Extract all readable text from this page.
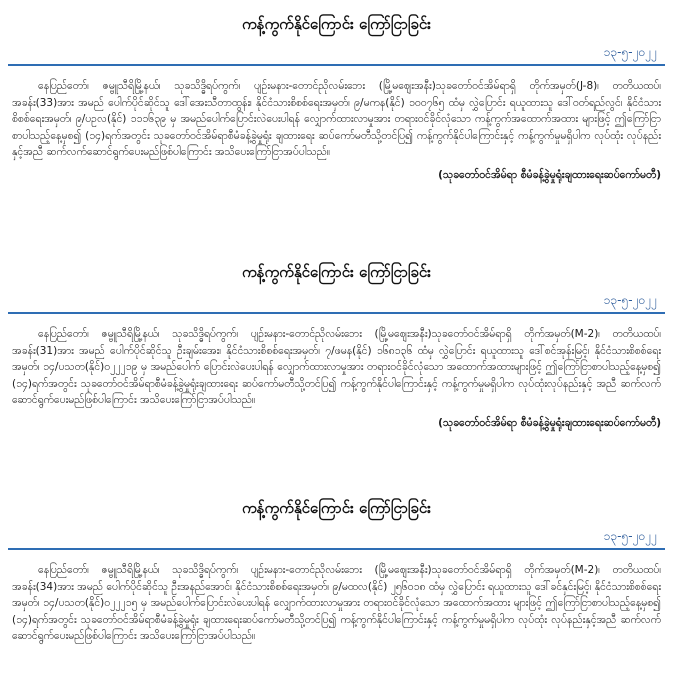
ကန့်ကွက်နိုင်ကြောင်း ကြော်ငြာခြင်း
၁၃-၅-၂၀၂၂

နေပြည်တော်၊ ဇမ္ဗူသီရိမြို့နယ်၊ သုခသိဒ္ဓိရပ်ကွက်၊ ပျဉ်းမနား-တောင်ညိုလမ်းဘေး (မြို့မဈေးအနီး)သုခတော်ဝင်အိမ်ရာရှိ တိုက်အမှတ်(J-8)၊ တတိယထပ်၊ အခန်း(33)အား အမည် ပေါက်ပိုင်ဆိုင်သူ ဒေါ်အေးသီတာထွန်း၊ နိုင်ငံသားစိစစ်ရေးအမှတ်၊ ၉/မကန(နိုင်) ၁၀၀၇၆၅ ထံမှ လွှဲပြောင်း ရယူထားသူ ဒေါ်ဝတ်ရည်လွင်၊ နိုင်ငံသားစိစစ်ရေးအမှတ်၊ ၉/ပဥလ(နိုင်) ၁၁၁၆၃၉ မှ အမည်ပေါက်ပြောင်းလဲပေးပါရန် လျှောက်ထားလာမှုအား တရားဝင်ခိုင်လုံသော ကန့်ကွက်အထောက်အထား များဖြင့် ဤကြော်ငြာစာပါသည့်နေ့မှစ၍ (၁၄)ရက်အတွင်း သုခတော်ဝင်အိမ်ရာစီမံခန့်ခွဲမှုရုံး ချထားရေး ဆပ်ကော်မတီသို့တင်ပြ၍ ကန့်ကွက်နိုင်ပါကြောင်းနှင့် ကန့်ကွက်မှုမရှိပါက လုပ်ထုံး လုပ်နည်းနှင့်အညီ ဆက်လက်ဆောင်ရွက်ပေးမည်ဖြစ်ပါကြောင်း အသိပေးကြော်ငြာအပ်ပါသည်။

(သုခတော်ဝင်အိမ်ရာ စီမံခန့်ခွဲမှုရုံးချထားရေးဆပ်ကော်မတီ)
ကန့်ကွက်နိုင်ကြောင်း ကြော်ငြာခြင်း
၁၃-၅-၂၀၂၂

နေပြည်တော်၊ ဇမ္ဗူသီရိမြို့နယ်၊ သုခသိဒ္ဓိရပ်ကွက်၊ ပျဉ်းမနား-တောင်ညိုလမ်းဘေး (မြို့မဈေးအနီး)သုခတော်ဝင်အိမ်ရာရှိ တိုက်အမှတ်(M-2)၊ တတိယထပ်၊ အခန်း(31)အား အမည် ပေါက်ပိုင်ဆိုင်သူ ဦးချမ်းအေး၊ နိုင်ငံသားစိစစ်ရေးအမှတ်၊ ၇/ဖမန(နိုင်) ၁၆၈၁၃၆ ထံမှ လွှဲပြောင်း ရယူထားသူ ဒေါ်စင်အုန်းမြင့်၊ နိုင်ငံသားစိစစ်ရေးအမှတ်၊ ၁၄/ပသတ(နိုင်)၀၂၂၂၁၉ မှ အမည်ပေါက် ပြောင်းလဲပေးပါရန် လျှောက်ထားလာမှုအား တရားဝင်ခိုင်လုံသော အထောက်အထားများဖြင့် ဤကြော်ငြာစာပါသည့်နေ့မှစ၍ (၁၄)ရက်အတွင်း သုခတော်ဝင်အိမ်ရာစီမံခန့်ခွဲမှုရုံးချထားရေး ဆပ်ကော်မတီသို့တင်ပြ၍ ကန့်ကွက်နိုင်ပါကြောင်းနှင့် ကန့်ကွက်မှုမရှိပါက လုပ်ထုံးလုပ်နည်းနှင့် အညီ ဆက်လက်ဆောင်ရွက်ပေးမည်ဖြစ်ပါကြောင်း အသိပေးကြော်ငြာအပ်ပါသည်။

(သုခတော်ဝင်အိမ်ရာ စီမံခန့်ခွဲမှုရုံးချထားရေးဆပ်ကော်မတီ)
ကန့်ကွက်နိုင်ကြောင်း ကြော်ငြာခြင်း
၁၃-၅-၂၀၂၂

နေပြည်တော်၊ ဇမ္ဗူသီရိမြို့နယ်၊ သုခသိဒ္ဓိရပ်ကွက်၊ ပျဉ်းမနား-တောင်ညိုလမ်းဘေး (မြို့မဈေးအနီး)သုခတော်ဝင်အိမ်ရာရှိ တိုက်အမှတ်(M-2)၊ တတိယထပ်၊ အခန်း(34)အား အမည် ပေါက်ပိုင်ဆိုင်သူ ဦးအနည်အောင်၊ နိုင်ငံသားစိစစ်ရေးအမှတ်၊ ၉/မထလ(နိုင်) ၂၅၆၀၁၈ ထံမှ လွှဲပြောင်း ရယူထားသူ ဒေါ်ခင်နှင်းမြင့်၊ နိုင်ငံသားစိစစ်ရေးအမှတ်၊ ၁၄/ပသတ(နိုင်)၀၂၂၂၁၅ မှ အမည်ပေါက်ပြောင်းလဲပေးပါရန် လျှောက်ထားလာမှုအား တရားဝင်ခိုင်လုံသော အထောက်အထား များဖြင့် ဤကြော်ငြာစာပါသည့်နေ့မှစ၍ (၁၄)ရက်အတွင်း သုခတော်ဝင်အိမ်ရာစီမံခန့်ခွဲမှုရုံး ချထားရေးဆပ်ကော်မတီသို့တင်ပြ၍ ကန့်ကွက်နိုင်ပါကြောင်းနှင့် ကန့်ကွက်မှုမရှိပါက လုပ်ထုံး လုပ်နည်းနှင့်အညီ ဆက်လက်ဆောင်ရွက်ပေးမည်ဖြစ်ပါကြောင်း အသိပေးကြော်ငြာအပ်ပါသည်။
